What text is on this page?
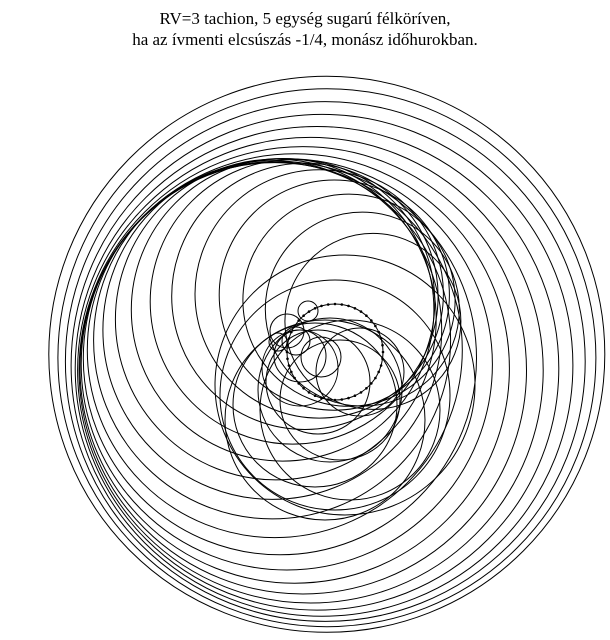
RV=3 tachion, 5 egység sugarú félköríven,
ha az ívmenti elcsúszás -1/4, monász időhurokban.
